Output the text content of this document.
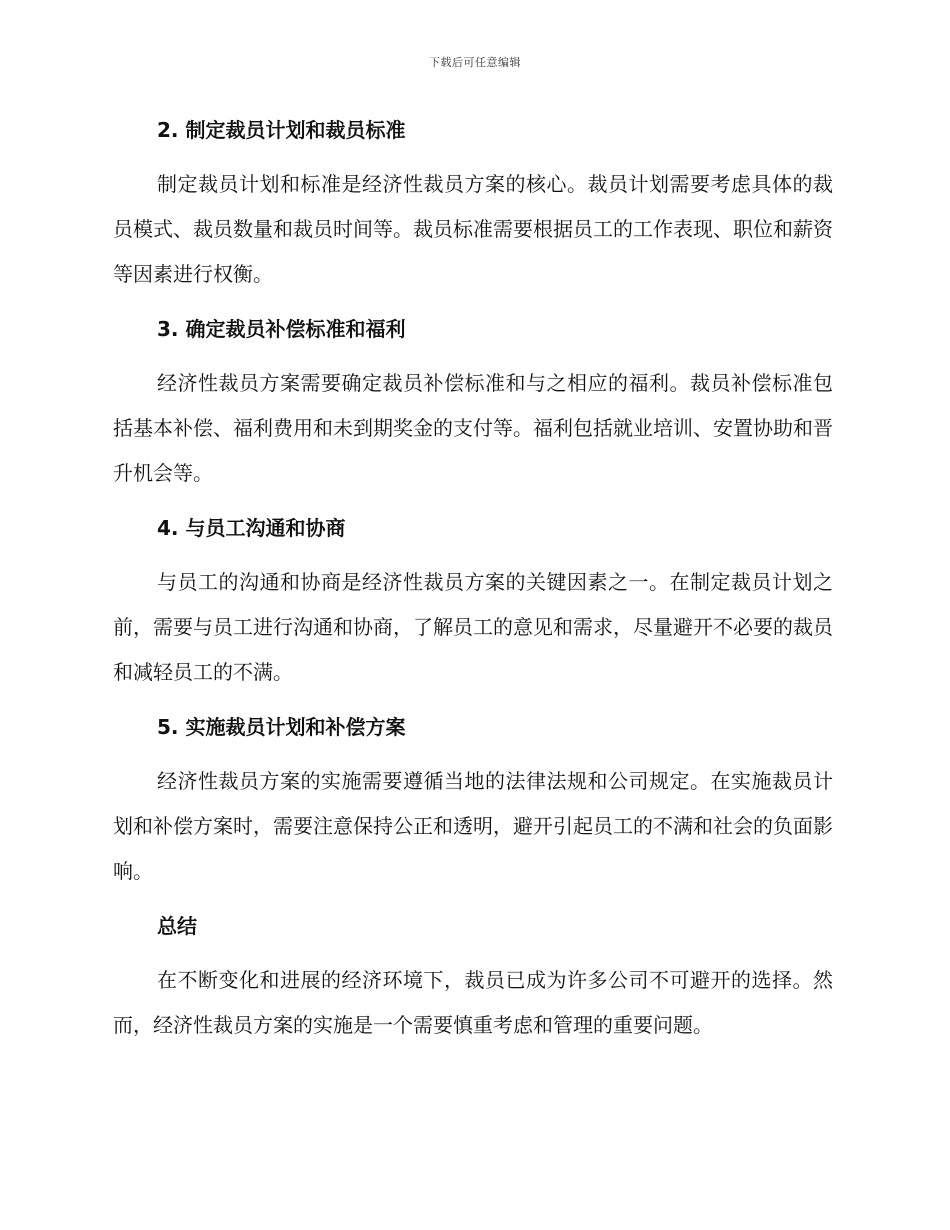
下载后可任意编辑
2. 制定裁员计划和裁员标准

制定裁员计划和标准是经济性裁员方案的核心。裁员计划需要考虑具体的裁员模式、裁员数量和裁员时间等。裁员标准需要根据员工的工作表现、职位和薪资等因素进行权衡。

3. 确定裁员补偿标准和福利

经济性裁员方案需要确定裁员补偿标准和与之相应的福利。裁员补偿标准包括基本补偿、福利费用和未到期奖金的支付等。福利包括就业培训、安置协助和晋升机会等。

4. 与员工沟通和协商

与员工的沟通和协商是经济性裁员方案的关键因素之一。在制定裁员计划之前，需要与员工进行沟通和协商，了解员工的意见和需求，尽量避开不必要的裁员和减轻员工的不满。

5. 实施裁员计划和补偿方案

经济性裁员方案的实施需要遵循当地的法律法规和公司规定。在实施裁员计划和补偿方案时，需要注意保持公正和透明，避开引起员工的不满和社会的负面影响。

总结

在不断变化和进展的经济环境下，裁员已成为许多公司不可避开的选择。然而，经济性裁员方案的实施是一个需要慎重考虑和管理的重要问题。
